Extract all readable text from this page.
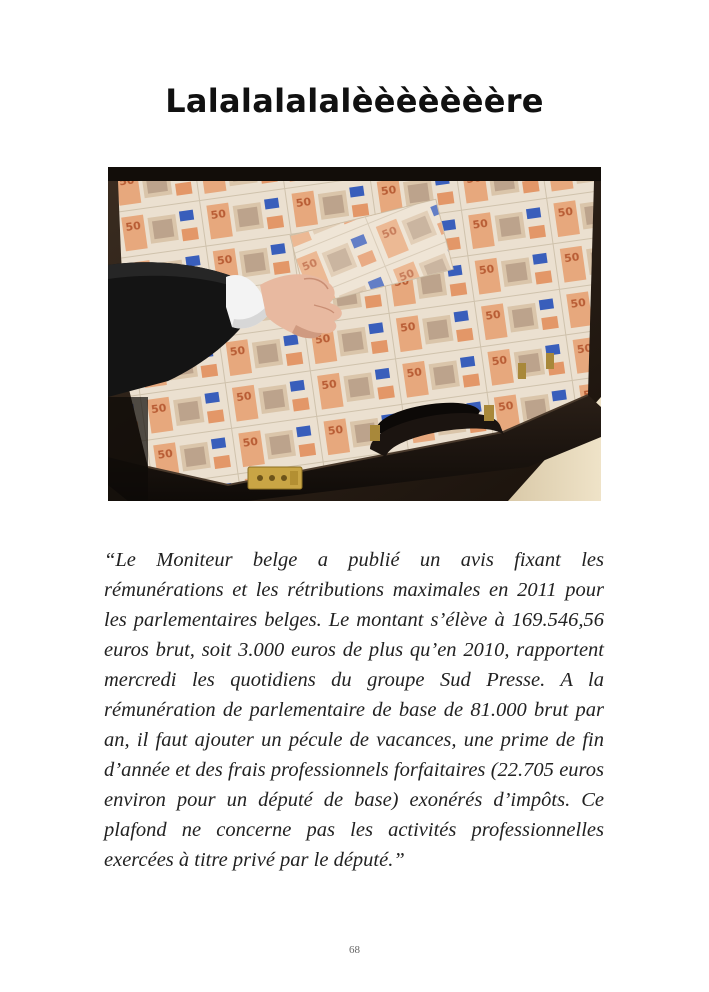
Lalalalalalèèèèèèère

“Le Moniteur belge a publié un avis fixant les rémunérations et les rétributions maximales en 2011 pour les parlementaires belges. Le montant s’élève à 169.546,56 euros brut, soit 3.000 euros de plus qu’en 2010, rapportent mercredi les quotidiens du groupe Sud Presse. A la rémunération de parlementaire de base de 81.000 brut par an, il faut ajouter un pécule de vacances, une prime de fin d’année et des frais professionnels forfaitaires (22.705 euros environ pour un député de base) exonérés d’impôts. Ce plafond ne concerne pas les activités professionnelles exercées à titre privé par le député.”

68
